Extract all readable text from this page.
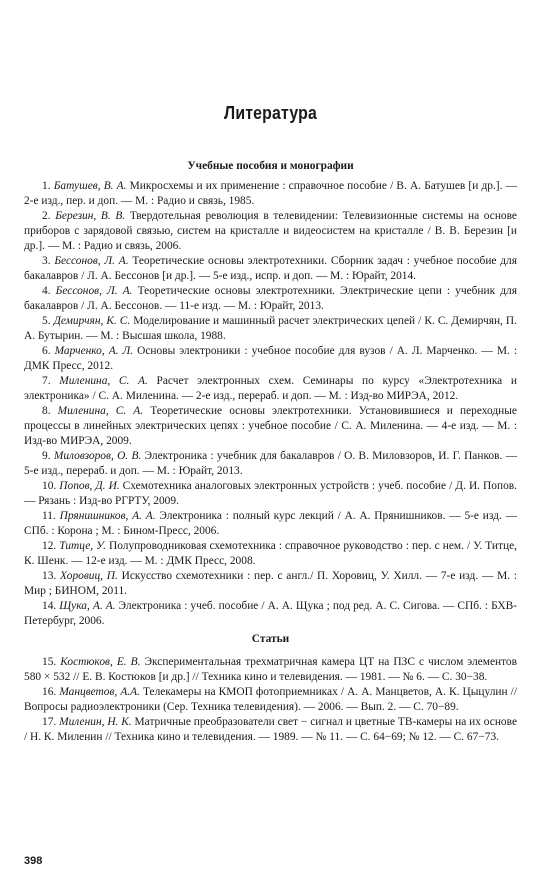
Литература

Учебные пособия и монографии

1. Батушев, В. А. Микросхемы и их применение : справочное пособие / В. А. Батушев [и др.]. —2-е изд., пер. и доп. — М. : Радио и связь, 1985.

2. Березин, В. В. Твердотельная революция в телевидении: Телевизионные системы на основе приборов с зарядовой связью, систем на кристалле и видеосистем на кристалле / В. В. Березин [и др.]. — М. : Радио и связь, 2006.

3. Бессонов, Л. А. Теоретические основы электротехники. Сборник задач : учебное пособие для бакалавров / Л. А. Бессонов [и др.]. — 5-е изд., испр. и доп. — М. : Юрайт, 2014.

4. Бессонов, Л. А. Теоретические основы электротехники. Электрические цепи : учебник для бакалавров / Л. А. Бессонов. — 11-е изд. — М. : Юрайт, 2013.

5. Демирчян, К. С. Моделирование и машинный расчет электрических цепей / К. С. Демирчян, П. А. Бутырин. — М. : Высшая школа, 1988.

6. Марченко, А. Л. Основы электроники : учебное пособие для вузов / А. Л. Марченко. — М. : ДМК Пресс, 2012.

7. Миленина, С. А. Расчет электронных схем. Семинары по курсу «Электротехника и электроника» / С. А. Миленина. — 2-е изд., перераб. и доп. — М. : Изд-во МИРЭА, 2012.

8. Миленина, С. А. Теоретические основы электротехники. Установившиеся и переходные процессы в линейных электрических цепях : учебное пособие / С. А. Миленина. — 4-е изд. — М. : Изд-во МИРЭА, 2009.

9. Миловзоров, О. В. Электроника : учебник для бакалавров / О. В. Миловзоров, И. Г. Панков. — 5-е изд., перераб. и доп. — М. : Юрайт, 2013.

10. Попов, Д. И. Схемотехника аналоговых электронных устройств : учеб. пособие / Д. И. Попов. — Рязань : Изд-во РГРТУ, 2009.

11. Прянишников, А. А. Электроника : полный курс лекций / А. А. Прянишников. — 5-е изд. — СПб. : Корона ; М. : Бином-Пресс, 2006.

12. Титце, У. Полупроводниковая схемотехника : справочное руководство : пер. с нем. / У. Титце, К. Шенк. — 12-е изд. — М. : ДМК Пресс, 2008.

13. Хоровиц, П. Искусство схемотехники : пер. с англ./ П. Хоровиц, У. Хилл. — 7-е изд. — М. : Мир ; БИНОМ, 2011.

14. Щука, А. А. Электроника : учеб. пособие / А. А. Щука ; под ред. А. С. Сигова. — СПб. : БХВ-Петербург, 2006.

Статьи

15. Костюков, Е. В. Экспериментальная трехматричная камера ЦТ на ПЗС с числом элементов 580 × 532 // Е. В. Костюков [и др.] // Техника кино и телевидения. — 1981. — № 6. — С. 30−38.

16. Манцветов, А.А. Телекамеры на КМОП фотоприемниках / А. А. Манцветов, А. К. Цыцулин // Вопросы радиоэлектроники (Сер. Техника телевидения). — 2006. — Вып. 2. — С. 70−89.

17. Миленин, Н. К. Матричные преобразователи свет − сигнал и цветные ТВ-камеры на их основе / Н. К. Миленин // Техника кино и телевидения. — 1989. — № 11. — С. 64−69; № 12. — С. 67−73.

398
